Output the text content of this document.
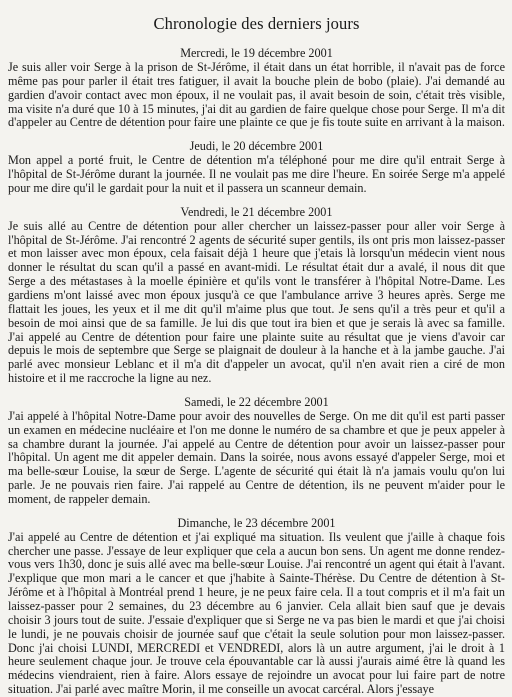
Chronologie des derniers jours
Mercredi, le 19 décembre 2001
Je suis aller voir Serge à la prison de St-Jérôme, il était dans un état horrible, il n'avait pas de force même pas pour parler il était tres fatiguer, il avait la bouche plein de bobo (plaie). J'ai demandé au gardien d'avoir contact avec mon époux, il ne voulait pas, il avait besoin de soin, c'était très visible, ma visite n'a duré que 10 à 15 minutes, j'ai dit au gardien de faire quelque chose pour Serge. Il m'a dit d'appeler au Centre de détention pour faire une plainte ce que je fis toute suite en arrivant à la maison.
Jeudi, le 20 décembre 2001
Mon appel a porté fruit, le Centre de détention m'a téléphoné pour me dire qu'il entrait Serge à l'hôpital de St-Jérôme durant la journée. Il ne voulait pas me dire l'heure. En soirée Serge m'a appelé pour me dire qu'il le gardait pour la nuit et il passera un scanneur demain.
Vendredi, le 21 décembre 2001
Je suis allé au Centre de détention pour aller chercher un laissez-passer pour aller voir Serge à l'hôpital de St-Jérôme. J'ai rencontré 2 agents de sécurité super gentils, ils ont pris mon laissez-passer et mon laisser avec mon époux, cela faisait déjà 1 heure que j'etais là lorsqu'un médecin vient nous donner le résultat du scan qu'il a passé en avant-midi. Le résultat était dur a avalé, il nous dit que Serge a des métastases à la moelle épinière et qu'ils vont le transférer à l'hôpital Notre-Dame. Les gardiens m'ont laissé avec mon époux jusqu'à ce que l'ambulance arrive 3 heures après. Serge me flattait les joues, les yeux et il me dit qu'il m'aime plus que tout. Je sens qu'il a très peur et qu'il a besoin de moi ainsi que de sa famille. Je lui dis que tout ira bien et que je serais là avec sa famille. J'ai appelé au Centre de détention pour faire une plainte suite au résultat que je viens d'avoir car depuis le mois de septembre que Serge se plaignait de douleur à la hanche et à la jambe gauche. J'ai parlé avec monsieur Leblanc et il m'a dit d'appeler un avocat, qu'il n'en avait rien a ciré de mon histoire et il me raccroche la ligne au nez.
Samedi, le 22 décembre 2001
J'ai appelé à l'hôpital Notre-Dame pour avoir des nouvelles de Serge. On me dit qu'il est parti passer un examen en médecine nucléaire et l'on me donne le numéro de sa chambre et que je peux appeler à sa chambre durant la journée. J'ai appelé au Centre de détention pour avoir un laissez-passer pour l'hôpital. Un agent me dit appeler demain. Dans la soirée, nous avons essayé d'appeler Serge, moi et ma belle-sœur Louise, la sœur de Serge. L'agente de sécurité qui était là n'a jamais voulu qu'on lui parle. Je ne pouvais rien faire. J'ai rappelé au Centre de détention, ils ne peuvent m'aider pour le moment, de rappeler demain.
Dimanche, le 23 décembre 2001
J'ai appelé au Centre de détention et j'ai expliqué ma situation. Ils veulent que j'aille à chaque fois chercher une passe. J'essaye de leur expliquer que cela a aucun bon sens. Un agent me donne rendez-vous vers 1h30, donc je suis allé avec ma belle-sœur Louise. J'ai rencontré un agent qui était à l'avant. J'explique que mon mari a le cancer et que j'habite à Sainte-Thérèse. Du Centre de détention à St-Jérôme et à l'hôpital à Montréal prend 1 heure, je ne peux faire cela. Il a tout compris et il m'a fait un laissez-passer pour 2 semaines, du 23 décembre au 6 janvier. Cela allait bien sauf que je devais choisir 3 jours tout de suite. J'essaie d'expliquer que si Serge ne va pas bien le mardi et que j'ai choisi le lundi, je ne pouvais choisir de journée sauf que c'était la seule solution pour mon laissez-passer. Donc j'ai choisi LUNDI, MERCREDI et VENDREDI, alors là un autre argument, j'ai le droit à 1 heure seulement chaque jour. Je trouve cela épouvantable car là aussi j'aurais aimé être là quand les médecins viendraient, rien à faire. Alors essaye de rejoindre un avocat pour lui faire part de notre situation. J'ai parlé avec maître Morin, il me conseille un avocat carcéral. Alors j'essaye
